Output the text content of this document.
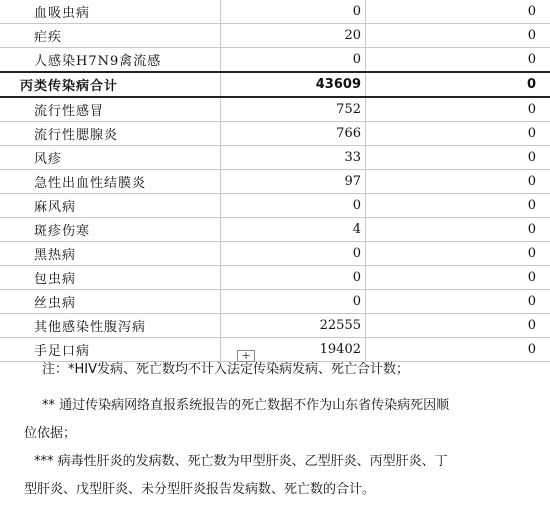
血吸虫病	0	0
疟疾	20	0
人感染H7N9禽流感	0	0
丙类传染病合计	43609	0
流行性感冒	752	0
流行性腮腺炎	766	0
风疹	33	0
急性出血性结膜炎	97	0
麻风病	0	0
斑疹伤寒	4	0
黑热病	0	0
包虫病	0	0
丝虫病	0	0
其他感染性腹泻病	22555	0
手足口病	19402	0
+
注：*HIV发病、死亡数均不计入法定传染病发病、死亡合计数；
** 通过传染病网络直报系统报告的死亡数据不作为山东省传染病死因顺
位依据；
*** 病毒性肝炎的发病数、死亡数为甲型肝炎、乙型肝炎、丙型肝炎、丁
型肝炎、戊型肝炎、未分型肝炎报告发病数、死亡数的合计。
